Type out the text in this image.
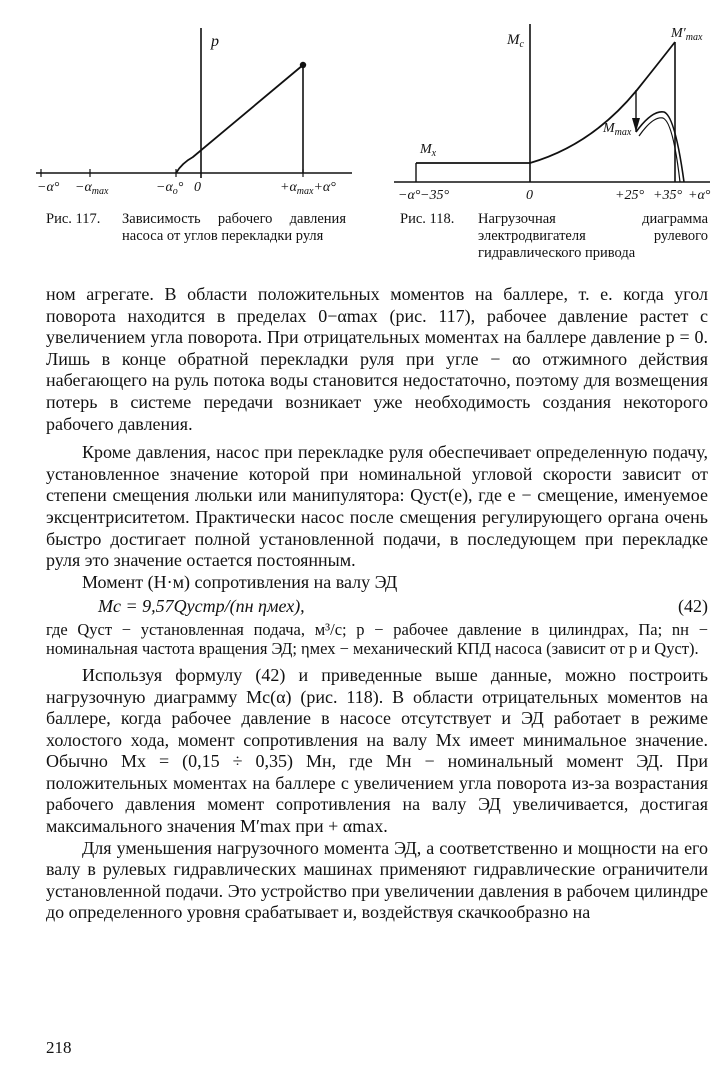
p
$-\alpha^\circ -\alpha_{max}$	$-\alpha_o^\circ$ 0	$+\alpha_{max}+\alpha^\circ$
Рис. 117. Зависимость рабочего давления насоса от углов перекладки руля
$M_c$
$M'_{max}$
$M_{max}$
$M_x$
−α° −35°	0	+25° +35° +α°
Рис. 118. Нагрузочная диаграмма электродвигателя рулевого гидравлического привода

ном агрегате. В области положительных моментов на баллере, т. е. когда угол поворота находится в пределах 0−αmax (рис. 117), рабочее давление растет с увеличением угла поворота. При отрицательных моментах на баллере давление p = 0. Лишь в конце обратной перекладки руля при угле − αo отжимного действия набегающего на руль потока воды становится недостаточно, поэтому для возмещения потерь в системе передачи возникает уже необходимость создания некоторого рабочего давления.

Кроме давления, насос при перекладке руля обеспечивает определенную подачу, установленное значение которой при номинальной угловой скорости зависит от степени смещения люльки или манипулятора: Qуст(e), где e − смещение, именуемое эксцентриситетом. Практически насос после смещения регулирующего органа очень быстро достигает полной установленной подачи, в последующем при перекладке руля это значение остается постоянным.

Момент (Н·м) сопротивления на валу ЭД

Mс = 9,57Qустp/(nн ηмех),	(42)

где Qуст − установленная подача, м³/с; p − рабочее давление в цилиндрах, Па; nн − номинальная частота вращения ЭД; ηмех − механический КПД насоса (зависит от p и Qуст).

Используя формулу (42) и приведенные выше данные, можно построить нагрузочную диаграмму Mс(α) (рис. 118). В области отрицательных моментов на баллере, когда рабочее давление в насосе отсутствует и ЭД работает в режиме холостого хода, момент сопротивления на валу Mx имеет минимальное значение. Обычно Mx = (0,15 ÷ 0,35) Mн, где Mн − номинальный момент ЭД. При положительных моментах на баллере с увеличением угла поворота из-за возрастания рабочего давления момент сопротивления на валу ЭД увеличивается, достигая максимального значения M′max при + αmax.

Для уменьшения нагрузочного момента ЭД, а соответственно и мощности на его валу в рулевых гидравлических машинах применяют гидравлические ограничители установленной подачи. Это устройство при увеличении давления в рабочем цилиндре до определенного уровня срабатывает и, воздействуя скачкообразно на

218
